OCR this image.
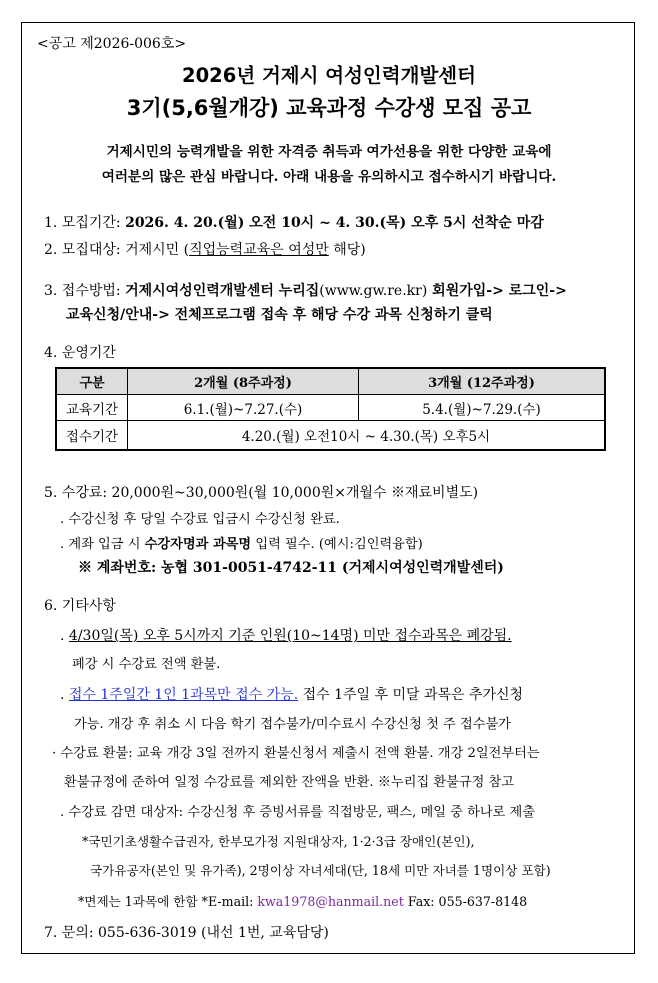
<공고 제2026-006호>
2026년 거제시 여성인력개발센터
3기(5,6월개강) 교육과정 수강생 모집 공고
거제시민의 능력개발을 위한 자격증 취득과 여가선용을 위한 다양한 교육에
여러분의 많은 관심 바랍니다. 아래 내용을 유의하시고 접수하시기 바랍니다.
1. 모집기간: 2026. 4. 20.(월) 오전 10시 ~ 4. 30.(목) 오후 5시 선착순 마감
2. 모집대상: 거제시민 (직업능력교육은 여성만 해당)
3. 접수방법: 거제시여성인력개발센터 누리집(www.gw.re.kr) 회원가입-> 로그인->
교육신청/안내-> 전체프로그램 접속 후 해당 수강 과목 신청하기 클릭
4. 운영기간
구분	2개월 (8주과정)	3개월 (12주과정)
교육기간	6.1.(월)~7.27.(수)	5.4.(월)~7.29.(수)
접수기간	4.20.(월) 오전10시 ~ 4.30.(목) 오후5시	
5. 수강료: 20,000원~30,000원(월 10,000원×개월수 ※재료비별도)
. 수강신청 후 당일 수강료 입금시 수강신청 완료.
. 계좌 입금 시 수강자명과 과목명 입력 필수. (예시:김인력융합)
※ 계좌번호: 농협 301-0051-4742-11 (거제시여성인력개발센터)
6. 기타사항
. 4/30일(목) 오후 5시까지 기준 인원(10~14명) 미만 접수과목은 폐강됨.
폐강 시 수강료 전액 환불.
. 접수 1주일간 1인 1과목만 접수 가능. 접수 1주일 후 미달 과목은 추가신청
가능. 개강 후 취소 시 다음 학기 접수불가/미수료시 수강신청 첫 주 접수불가
· 수강료 환불: 교육 개강 3일 전까지 환불신청서 제출시 전액 환불. 개강 2일전부터는
환불규정에 준하여 일정 수강료를 제외한 잔액을 반환. ※누리집 환불규정 참고
. 수강료 감면 대상자: 수강신청 후 증빙서류를 직접방문, 팩스, 메일 중 하나로 제출
*국민기초생활수급권자, 한부모가정 지원대상자, 1·2·3급 장애인(본인),
국가유공자(본인 및 유가족), 2명이상 자녀세대(단, 18세 미만 자녀를 1명이상 포함)
*면제는 1과목에 한함 *E-mail: kwa1978@hanmail.net Fax: 055-637-8148
7. 문의: 055-636-3019 (내선 1번, 교육담당)
